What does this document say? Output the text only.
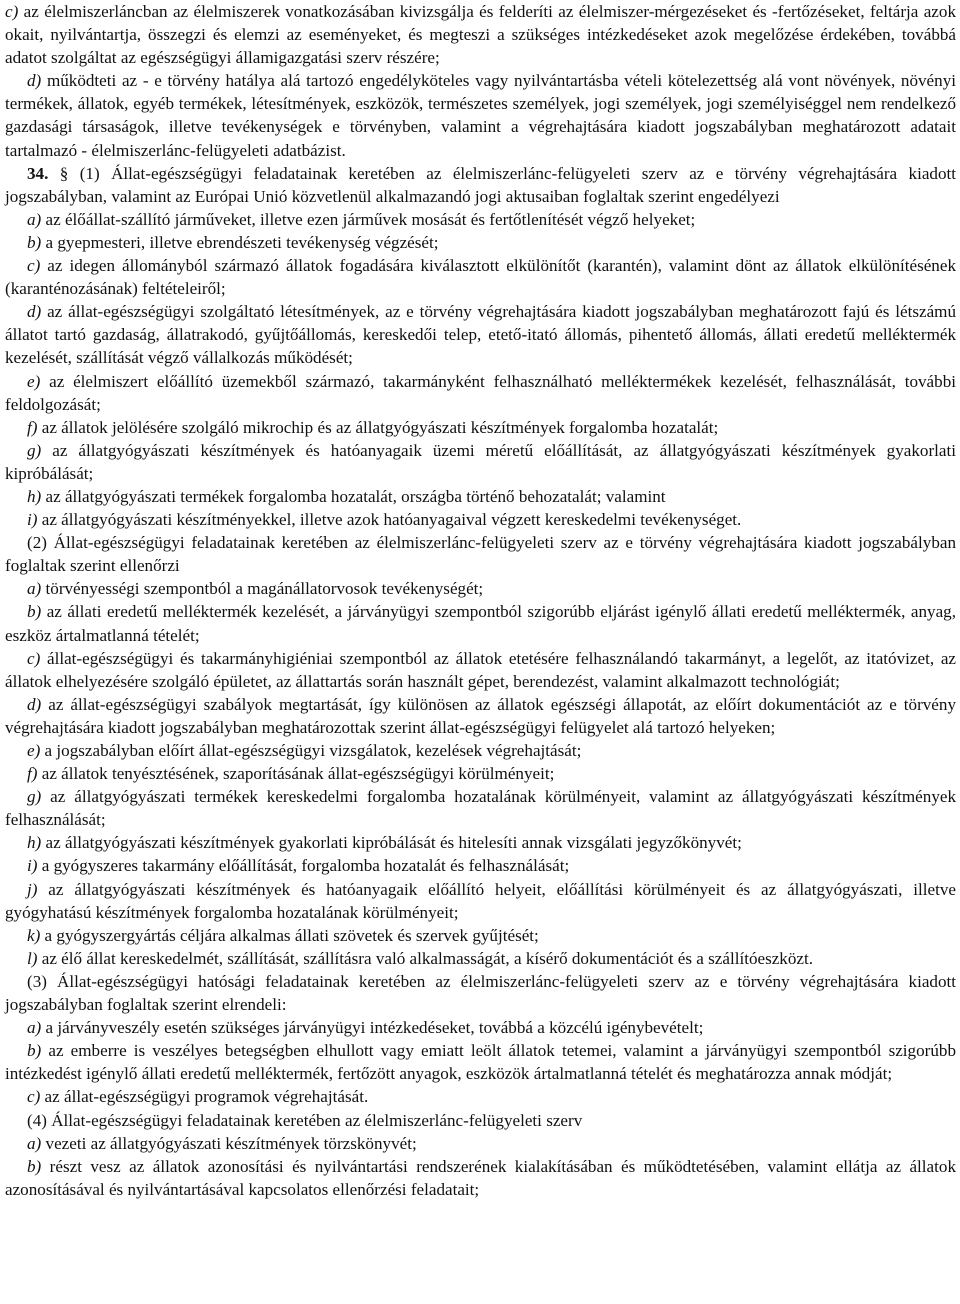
c) az élelmiszerláncban az élelmiszerek vonatkozásában kivizsgálja és felderíti az élelmiszer-mérgezéseket és -fertőzéseket, feltárja azok okait, nyilvántartja, összegzi és elemzi az eseményeket, és megteszi a szükséges intézkedéseket azok megelőzése érdekében, továbbá adatot szolgáltat az egészségügyi államigazgatási szerv részére;

d) működteti az - e törvény hatálya alá tartozó engedélyköteles vagy nyilvántartásba vételi kötelezettség alá vont növények, növényi termékek, állatok, egyéb termékek, létesítmények, eszközök, természetes személyek, jogi személyek, jogi személyiséggel nem rendelkező gazdasági társaságok, illetve tevékenységek e törvényben, valamint a végrehajtására kiadott jogszabályban meghatározott adatait tartalmazó - élelmiszerlánc-felügyeleti adatbázist.

34. § (1) Állat-egészségügyi feladatainak keretében az élelmiszerlánc-felügyeleti szerv az e törvény végrehajtására kiadott jogszabályban, valamint az Európai Unió közvetlenül alkalmazandó jogi aktusaiban foglaltak szerint engedélyezi

a) az élőállat-szállító járműveket, illetve ezen járművek mosását és fertőtlenítését végző helyeket;

b) a gyepmesteri, illetve ebrendészeti tevékenység végzését;

c) az idegen állományból származó állatok fogadására kiválasztott elkülönítőt (karantén), valamint dönt az állatok elkülönítésének (karanténozásának) feltételeiről;

d) az állat-egészségügyi szolgáltató létesítmények, az e törvény végrehajtására kiadott jogszabályban meghatározott fajú és létszámú állatot tartó gazdaság, állatrakodó, gyűjtőállomás, kereskedői telep, etető-itató állomás, pihentető állomás, állati eredetű melléktermék kezelését, szállítását végző vállalkozás működését;

e) az élelmiszert előállító üzemekből származó, takarmányként felhasználható melléktermékek kezelését, felhasználását, további feldolgozását;

f) az állatok jelölésére szolgáló mikrochip és az állatgyógyászati készítmények forgalomba hozatalát;

g) az állatgyógyászati készítmények és hatóanyagaik üzemi méretű előállítását, az állatgyógyászati készítmények gyakorlati kipróbálását;

h) az állatgyógyászati termékek forgalomba hozatalát, országba történő behozatalát; valamint

i) az állatgyógyászati készítményekkel, illetve azok hatóanyagaival végzett kereskedelmi tevékenységet.

(2) Állat-egészségügyi feladatainak keretében az élelmiszerlánc-felügyeleti szerv az e törvény végrehajtására kiadott jogszabályban foglaltak szerint ellenőrzi

a) törvényességi szempontból a magánállatorvosok tevékenységét;

b) az állati eredetű melléktermék kezelését, a járványügyi szempontból szigorúbb eljárást igénylő állati eredetű melléktermék, anyag, eszköz ártalmatlanná tételét;

c) állat-egészségügyi és takarmányhigiéniai szempontból az állatok etetésére felhasználandó takarmányt, a legelőt, az itatóvizet, az állatok elhelyezésére szolgáló épületet, az állattartás során használt gépet, berendezést, valamint alkalmazott technológiát;

d) az állat-egészségügyi szabályok megtartását, így különösen az állatok egészségi állapotát, az előírt dokumentációt az e törvény végrehajtására kiadott jogszabályban meghatározottak szerint állat-egészségügyi felügyelet alá tartozó helyeken;

e) a jogszabályban előírt állat-egészségügyi vizsgálatok, kezelések végrehajtását;

f) az állatok tenyésztésének, szaporításának állat-egészségügyi körülményeit;

g) az állatgyógyászati termékek kereskedelmi forgalomba hozatalának körülményeit, valamint az állatgyógyászati készítmények felhasználását;

h) az állatgyógyászati készítmények gyakorlati kipróbálását és hitelesíti annak vizsgálati jegyzőkönyvét;

i) a gyógyszeres takarmány előállítását, forgalomba hozatalát és felhasználását;

j) az állatgyógyászati készítmények és hatóanyagaik előállító helyeit, előállítási körülményeit és az állatgyógyászati, illetve gyógyhatású készítmények forgalomba hozatalának körülményeit;

k) a gyógyszergyártás céljára alkalmas állati szövetek és szervek gyűjtését;

l) az élő állat kereskedelmét, szállítását, szállításra való alkalmasságát, a kísérő dokumentációt és a szállítóeszközt.

(3) Állat-egészségügyi hatósági feladatainak keretében az élelmiszerlánc-felügyeleti szerv az e törvény végrehajtására kiadott jogszabályban foglaltak szerint elrendeli:

a) a járványveszély esetén szükséges járványügyi intézkedéseket, továbbá a közcélú igénybevételt;

b) az emberre is veszélyes betegségben elhullott vagy emiatt leölt állatok tetemei, valamint a járványügyi szempontból szigorúbb intézkedést igénylő állati eredetű melléktermék, fertőzött anyagok, eszközök ártalmatlanná tételét és meghatározza annak módját;

c) az állat-egészségügyi programok végrehajtását.

(4) Állat-egészségügyi feladatainak keretében az élelmiszerlánc-felügyeleti szerv

a) vezeti az állatgyógyászati készítmények törzskönyvét;

b) részt vesz az állatok azonosítási és nyilvántartási rendszerének kialakításában és működtetésében, valamint ellátja az állatok azonosításával és nyilvántartásával kapcsolatos ellenőrzési feladatait;
